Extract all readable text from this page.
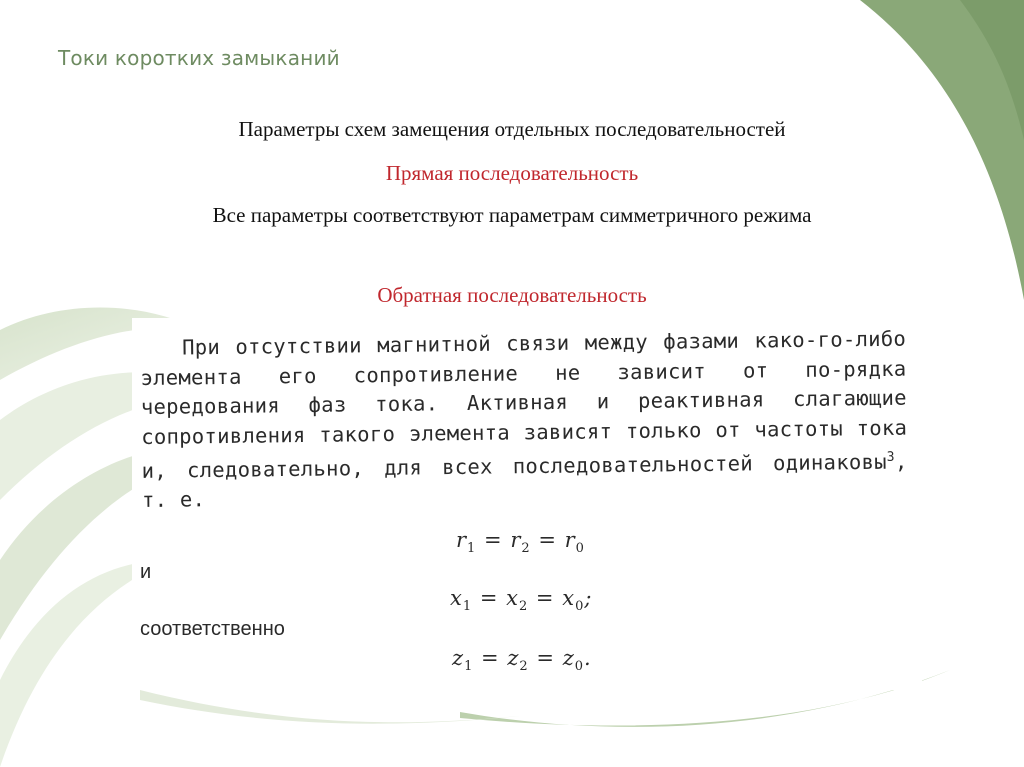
Токи коротких замыканий
Параметры схем замещения отдельных последовательностей
Прямая последовательность
Все параметры соответствуют параметрам симметричного режима
Обратная последовательность
При отсутствии магнитной связи между фазами како-го-либо элемента его сопротивление не зависит от по-рядка чередования фаз тока. Активная и реактивная слагающие сопротивления такого элемента зависят только от частоты тока и, следовательно, для всех последовательностей одинаковы$^3$, т. е.
$r_1 = r_2 = r_0$
и
$x_1 = x_2 = x_0$;
соответственно
$z_1 = z_2 = z_0$.
